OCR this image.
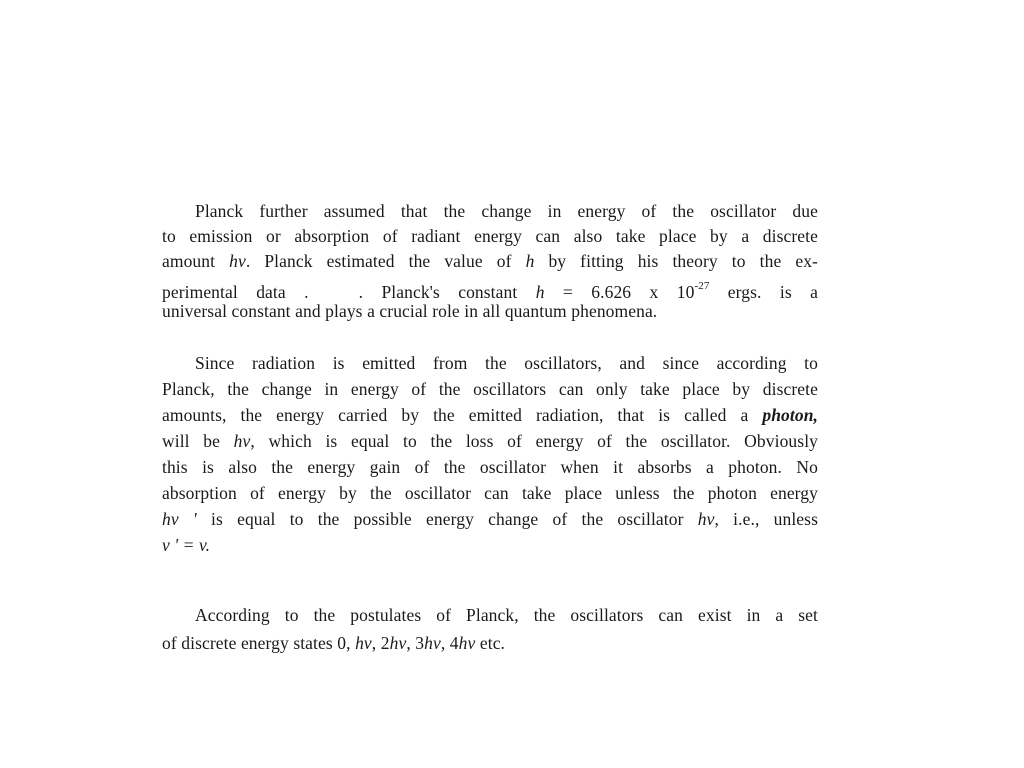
Planck further assumed that the change in energy of the oscillator due
to emission or absorption of radiant energy can also take place by a discrete
amount hv. Planck estimated the value of h by fitting his theory to the ex-
perimental data .	. Planck's constant h = 6.626 x $10^{-27}$ ergs. is a
universal constant and plays a crucial role in all quantum phenomena.
Since radiation is emitted from the oscillators, and since according to
Planck, the change in energy of the oscillators can only take place by discrete
amounts, the energy carried by the emitted radiation, that is called a photon,
will be hv, which is equal to the loss of energy of the oscillator. Obviously
this is also the energy gain of the oscillator when it absorbs a photon. No
absorption of energy by the oscillator can take place unless the photon energy
hv ' is equal to the possible energy change of the oscillator hv, i.e., unless
v ' = v.
According to the postulates of Planck, the oscillators can exist in a set
of discrete energy states 0, hv, 2hv, 3hv, 4hv etc.
